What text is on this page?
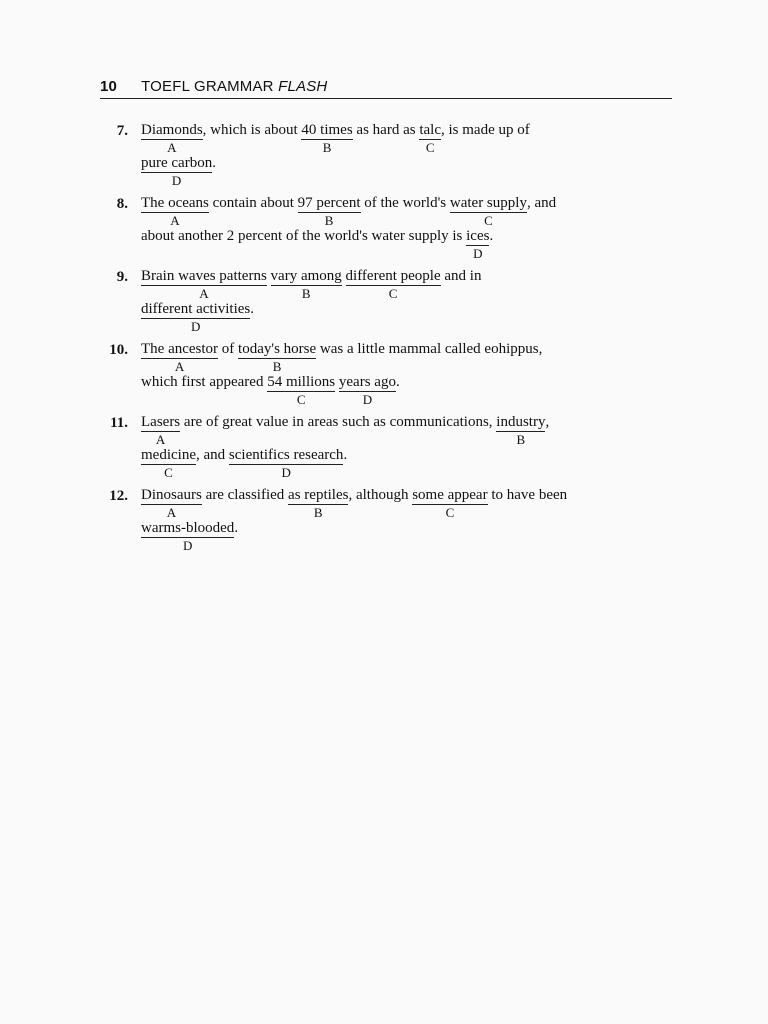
10 TOEFL GRAMMAR FLASH
7. Diamonds
A
, which is about 40 times
B
as hard as talc
C
, is made up of
pure carbon
D
.
8. The oceans
A
contain about 97 percent
B
of the world's water supply
C
, and
about another 2 percent of the world's water supply is ices
D
.
9. Brain waves patterns
A
vary among
B
different people
C
and in
different activities
D
.
10. The ancestor
A
of today's horse
B
was a little mammal called eohippus,
which first appeared 54 millions
C
years ago
D
.
11. Lasers
A
are of great value in areas such as communications, industry
B
,
medicine
C
, and scientifics research
D
.
12. Dinosaurs
A
are classified as reptiles
B
, although some appear
C
to have been
warms-blooded
D
.
